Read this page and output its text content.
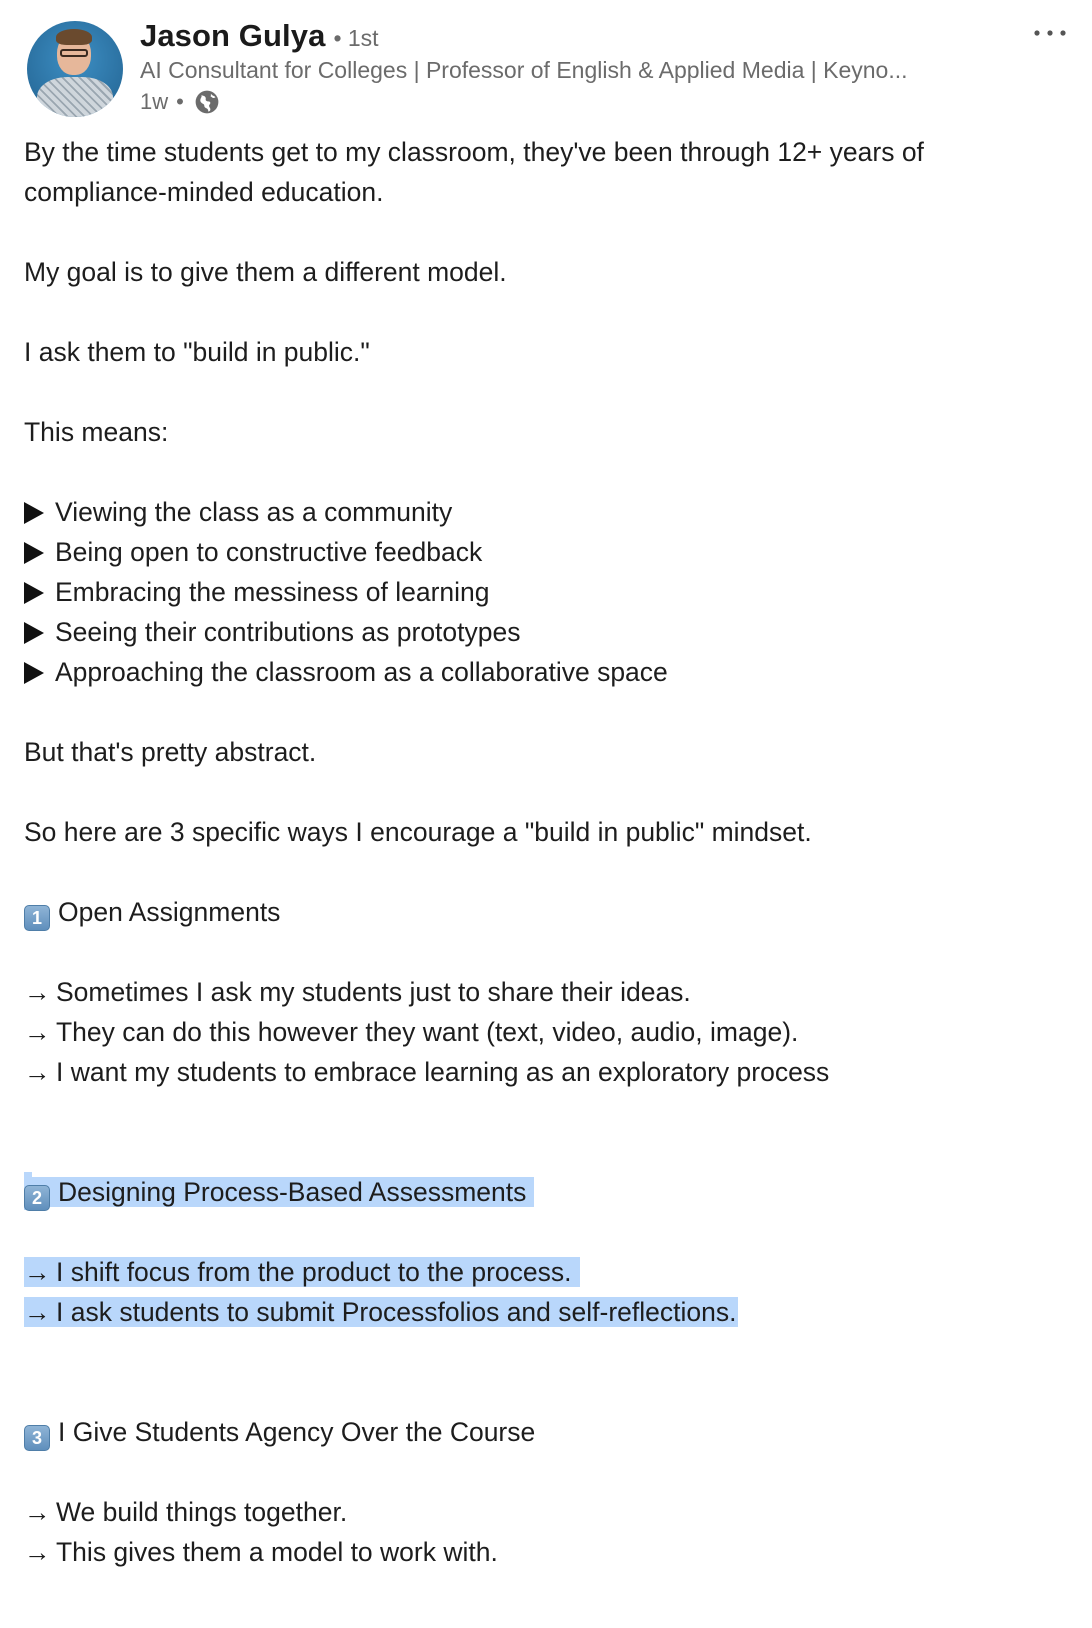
Jason Gulya • 1st
AI Consultant for Colleges | Professor of English & Applied Media | Keyno...
1w •
By the time students get to my classroom, they've been through 12+ years of
compliance-minded education.
My goal is to give them a different model.
I ask them to "build in public."
This means:
Viewing the class as a community
Being open to constructive feedback
Embracing the messiness of learning
Seeing their contributions as prototypes
Approaching the classroom as a collaborative space
But that's pretty abstract.
So here are 3 specific ways I encourage a "build in public" mindset.
1 Open Assignments
→ Sometimes I ask my students just to share their ideas.
→ They can do this however they want (text, video, audio, image).
→ I want my students to embrace learning as an exploratory process
2 Designing Process-Based Assessments
→ I shift focus from the product to the process.
→ I ask students to submit Processfolios and self-reflections.
3 I Give Students Agency Over the Course
→ We build things together.
→ This gives them a model to work with.
